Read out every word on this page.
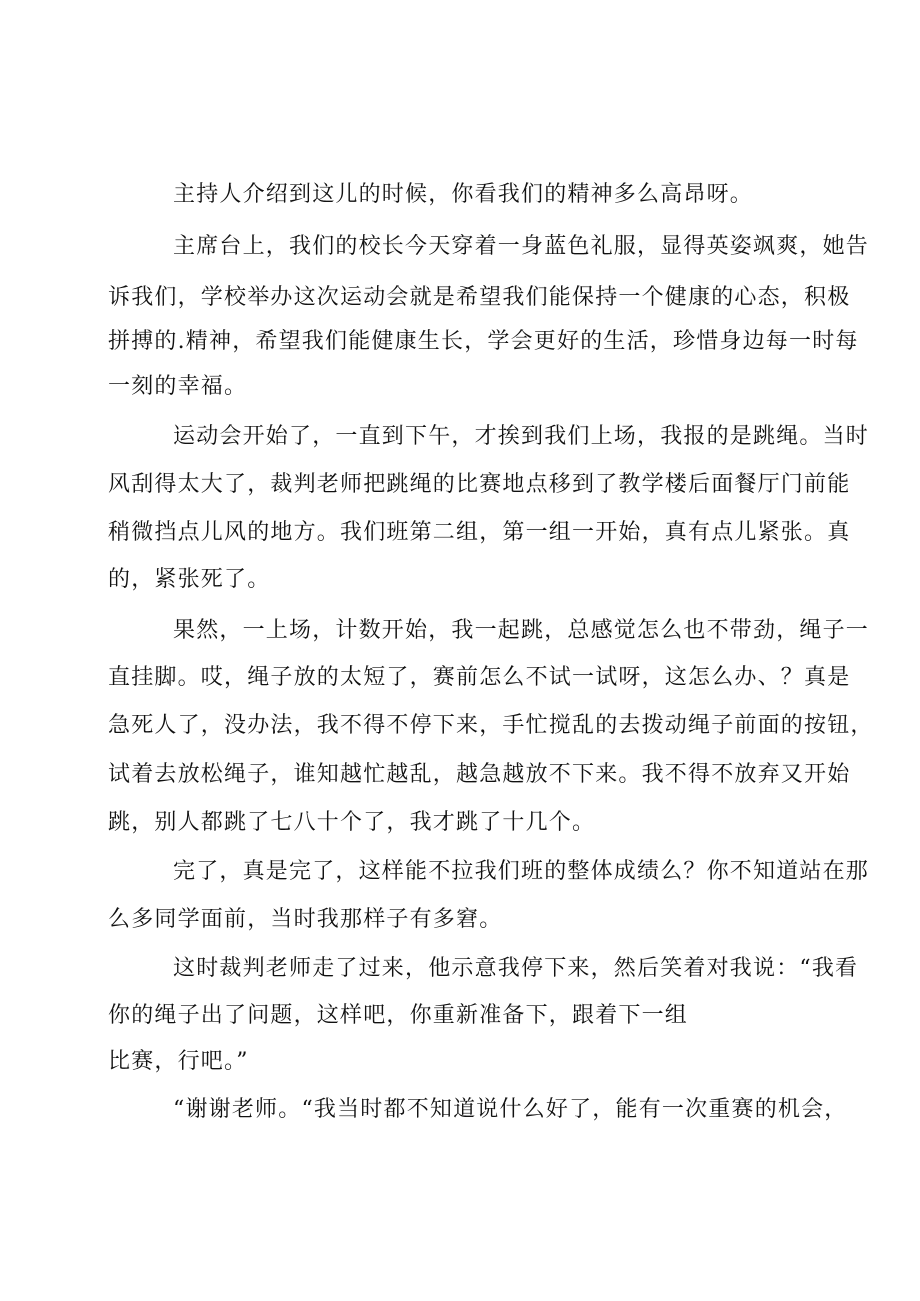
主持人介绍到这儿的时候，你看我们的精神多么高昂呀。
主席台上，我们的校长今天穿着一身蓝色礼服，显得英姿飒爽，她告
诉我们，学校举办这次运动会就是希望我们能保持一个健康的心态，积极
拼搏的.精神，希望我们能健康生长，学会更好的生活，珍惜身边每一时每
一刻的幸福。
运动会开始了，一直到下午，才挨到我们上场，我报的是跳绳。当时
风刮得太大了，裁判老师把跳绳的比赛地点移到了教学楼后面餐厅门前能
稍微挡点儿风的地方。我们班第二组，第一组一开始，真有点儿紧张。真
的，紧张死了。
果然，一上场，计数开始，我一起跳，总感觉怎么也不带劲，绳子一
直挂脚。哎，绳子放的太短了，赛前怎么不试一试呀，这怎么办、？真是
急死人了，没办法，我不得不停下来，手忙搅乱的去拨动绳子前面的按钮，
试着去放松绳子，谁知越忙越乱，越急越放不下来。我不得不放弃又开始
跳，别人都跳了七八十个了，我才跳了十几个。
完了，真是完了，这样能不拉我们班的整体成绩么？你不知道站在那
么多同学面前，当时我那样子有多窘。
这时裁判老师走了过来，他示意我停下来，然后笑着对我说：“我看
你的绳子出了问题，这样吧，你重新准备下，跟着下一组
比赛，行吧。”
“谢谢老师。“我当时都不知道说什么好了，能有一次重赛的机会，
